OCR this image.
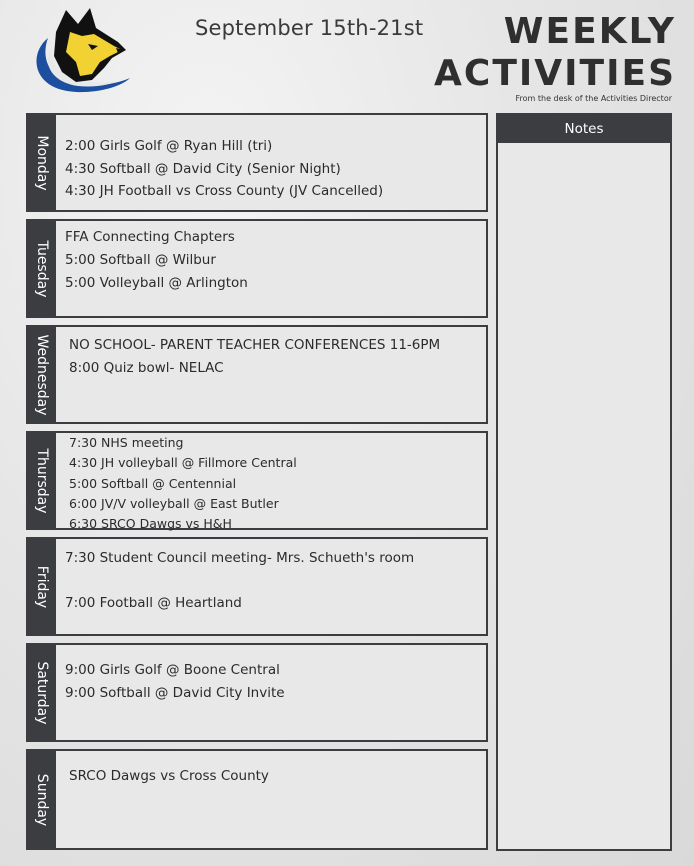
September 15th-21st WEEKLY
ACTIVITIES
From the desk of the Activities Director
Monday 2:00 Girls Golf @ Ryan Hill (tri)
4:30 Softball @ David City (Senior Night)
4:30 JH Football vs Cross County (JV Cancelled)
Tuesday
FFA Connecting Chapters
5:00 Softball @ Wilbur
5:00 Volleyball @ Arlington
Wednesday NO SCHOOL- PARENT TEACHER CONFERENCES 11-6PM
8:00 Quiz bowl- NELAC
Thursday
7:30 NHS meeting
4:30 JH volleyball @ Fillmore Central
5:00 Softball @ Centennial
6:00 JV/V volleyball @ East Butler
6:30 SRCO Dawgs vs H&H
Friday
7:30 Student Council meeting- Mrs. Schueth's room
7:00 Football @ Heartland
Saturday 9:00 Girls Golf @ Boone Central
9:00 Softball @ David City Invite
Sunday SRCO Dawgs vs Cross County
Notes
